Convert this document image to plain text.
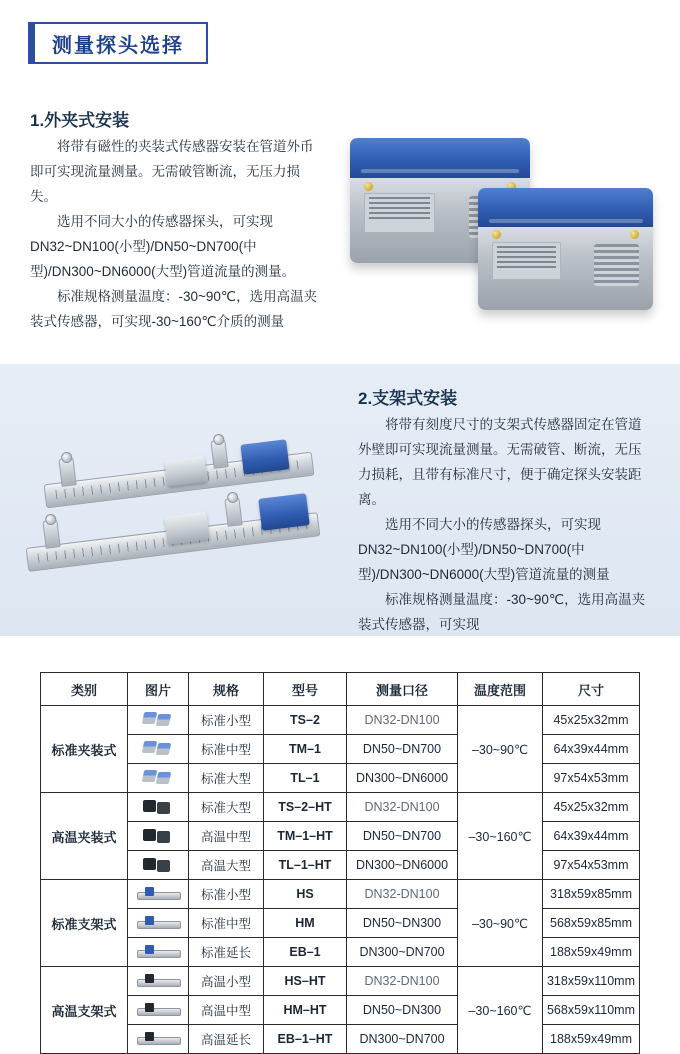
测量探头选择
1.外夹式安装

将带有磁性的夹装式传感器安装在管道外币即可实现流量测量。无需破管断流，无压力损失。

选用不同大小的传感器探头，可实现DN32~DN100(小型)/DN50~DN700(中型)/DN300~DN6000(大型)管道流量的测量。

标准规格测量温度：-30~90℃，选用高温夹装式传感器，可实现-30~160℃介质的测量

2.支架式安装

将带有刻度尺寸的支架式传感器固定在管道外壁即可实现流量测量。无需破管、断流，无压力损耗，且带有标准尺寸，便于确定探头安装距离。

选用不同大小的传感器探头，可实现DN32~DN100(小型)/DN50~DN700(中型)/DN300~DN6000(大型)管道流量的测量

标准规格测量温度：-30~90℃，选用高温夹装式传感器，可实现

类别	图片	规格	型号	测量口径	温度范围	尺寸
标准夹装式		标准小型	TS–2	DN32-DN100	–30~90℃	45x25x32mm
		标准中型	TM–1	DN50~DN700		64x39x44mm
		标准大型	TL–1	DN300~DN6000		97x54x53mm
高温夹装式		标准大型	TS–2–HT	DN32-DN100	–30~160℃	45x25x32mm
		高温中型	TM–1–HT	DN50~DN700		64x39x44mm
		高温大型	TL–1–HT	DN300~DN6000		97x54x53mm
标准支架式		标准小型	HS	DN32-DN100	–30~90℃	318x59x85mm
		标准中型	HM	DN50~DN300		568x59x85mm
		标准延长	EB–1	DN300~DN700		188x59x49mm
高温支架式		高温小型	HS–HT	DN32-DN100	–30~160℃	318x59x110mm
		高温中型	HM–HT	DN50~DN300		568x59x110mm
		高温延长	EB–1–HT	DN300~DN700		188x59x49mm
